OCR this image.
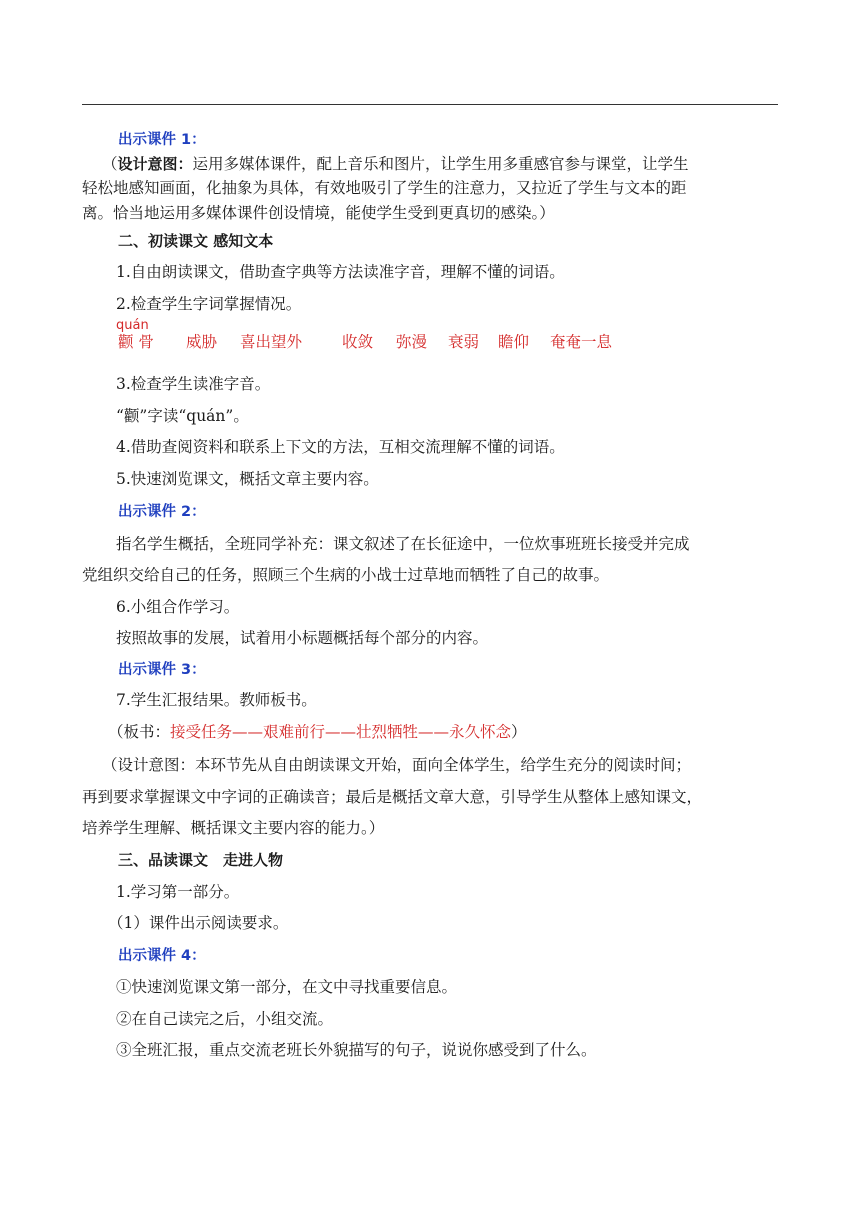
出示课件 1：
（设计意图：运用多媒体课件，配上音乐和图片，让学生用多重感官参与课堂，让学生
轻松地感知画面，化抽象为具体，有效地吸引了学生的注意力，又拉近了学生与文本的距
离。恰当地运用多媒体课件创设情境，能使学生受到更真切的感染。）
二、初读课文 感知文本
1.自由朗读课文，借助查字典等方法读准字音，理解不懂的词语。
2.检查学生字词掌握情况。
quán
颧 骨 威胁 喜出望外	收敛 弥漫 衰弱 瞻仰 奄奄一息
3.检查学生读准字音。
“颧”字读“quán”。
4.借助查阅资料和联系上下文的方法，互相交流理解不懂的词语。
5.快速浏览课文，概括文章主要内容。
出示课件 2：
指名学生概括，全班同学补充：课文叙述了在长征途中，一位炊事班班长接受并完成
党组织交给自己的任务，照顾三个生病的小战士过草地而牺牲了自己的故事。
6.小组合作学习。
按照故事的发展，试着用小标题概括每个部分的内容。
出示课件 3：
7.学生汇报结果。教师板书。
（板书：接受任务——艰难前行——壮烈牺牲——永久怀念）
（设计意图：本环节先从自由朗读课文开始，面向全体学生，给学生充分的阅读时间；
再到要求掌握课文中字词的正确读音；最后是概括文章大意，引导学生从整体上感知课文，
培养学生理解、概括课文主要内容的能力。）
三、品读课文　走进人物
1.学习第一部分。
（1）课件出示阅读要求。
出示课件 4：
①快速浏览课文第一部分，在文中寻找重要信息。
②在自己读完之后，小组交流。
③全班汇报，重点交流老班长外貌描写的句子，说说你感受到了什么。
